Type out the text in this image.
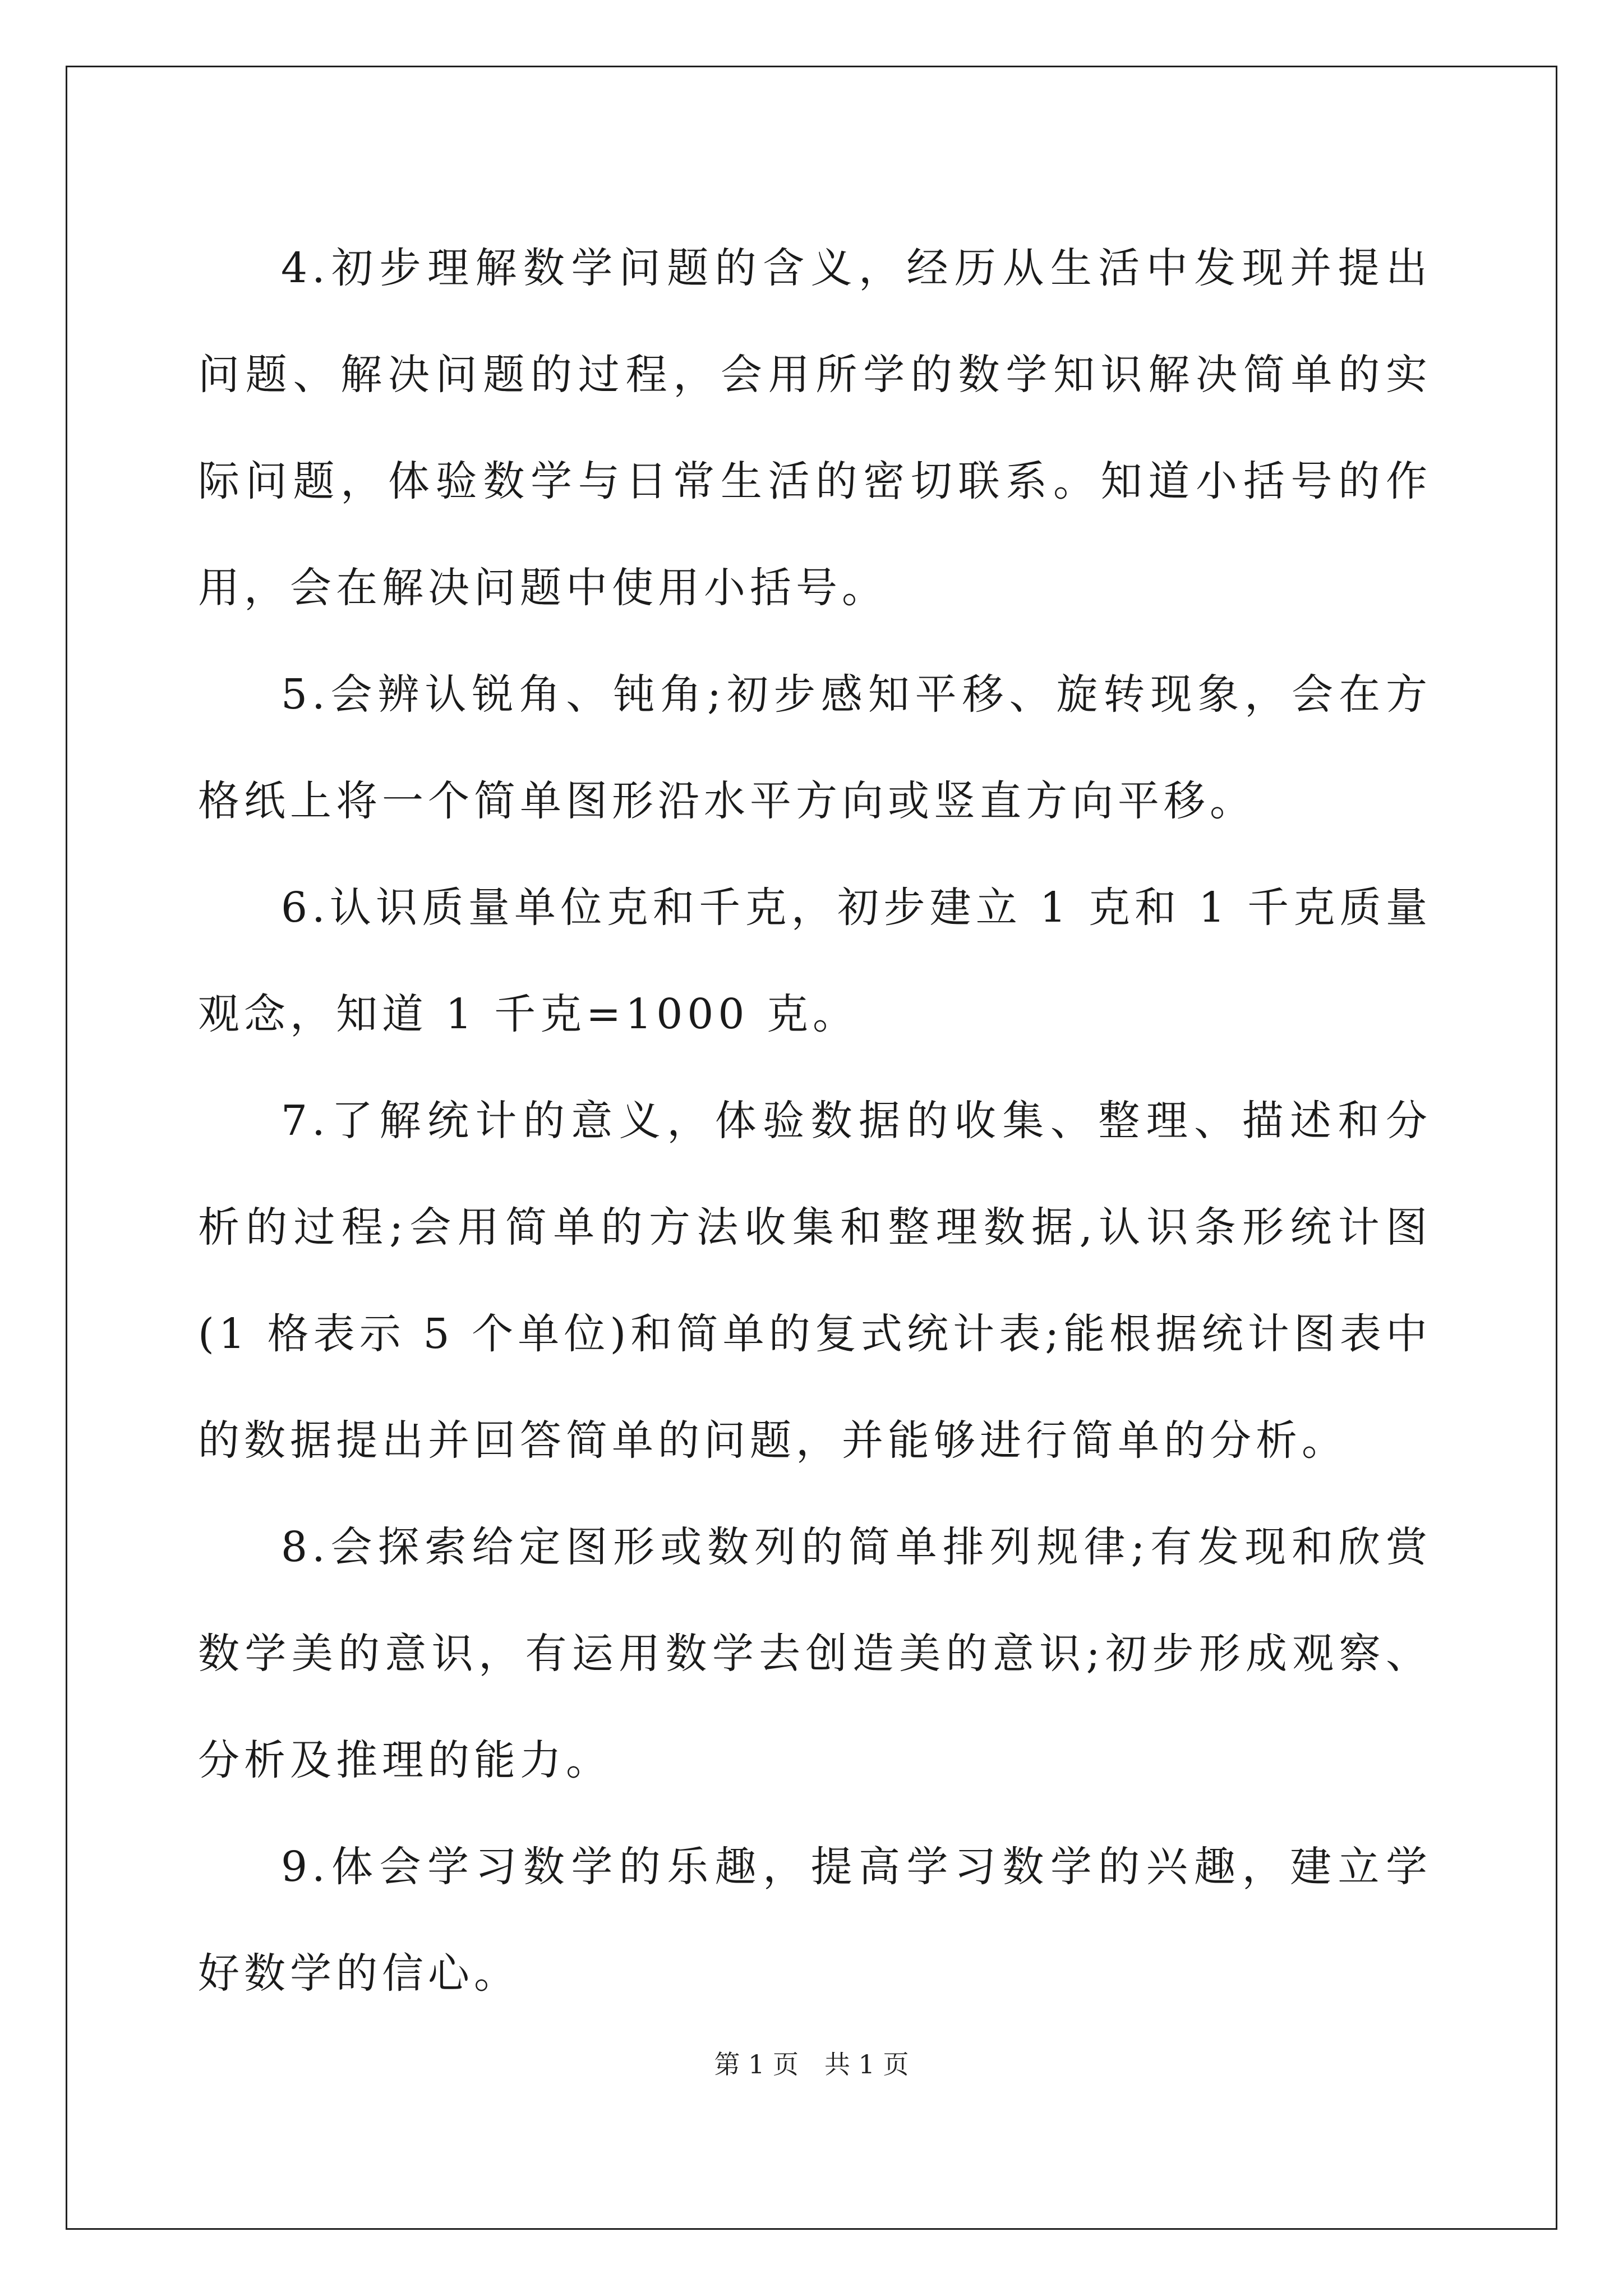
4.初步理解数学问题的含义，经历从生活中发现并提出问题、解决问题的过程，会用所学的数学知识解决简单的实际问题，体验数学与日常生活的密切联系。知道小括号的作用，会在解决问题中使用小括号。

5.会辨认锐角、钝角;初步感知平移、旋转现象，会在方格纸上将一个简单图形沿水平方向或竖直方向平移。

6.认识质量单位克和千克，初步建立 1 克和 1 千克质量观念，知道 1 千克=1000 克。

7.了解统计的意义，体验数据的收集、整理、描述和分析的过程;会用简单的方法收集和整理数据,认识条形统计图(1 格表示 5 个单位)和简单的复式统计表;能根据统计图表中的数据提出并回答简单的问题，并能够进行简单的分析。

8.会探索给定图形或数列的简单排列规律;有发现和欣赏数学美的意识，有运用数学去创造美的意识;初步形成观察、分析及推理的能力。

9.体会学习数学的乐趣，提高学习数学的兴趣，建立学好数学的信心。

第 1 页　共 1 页
